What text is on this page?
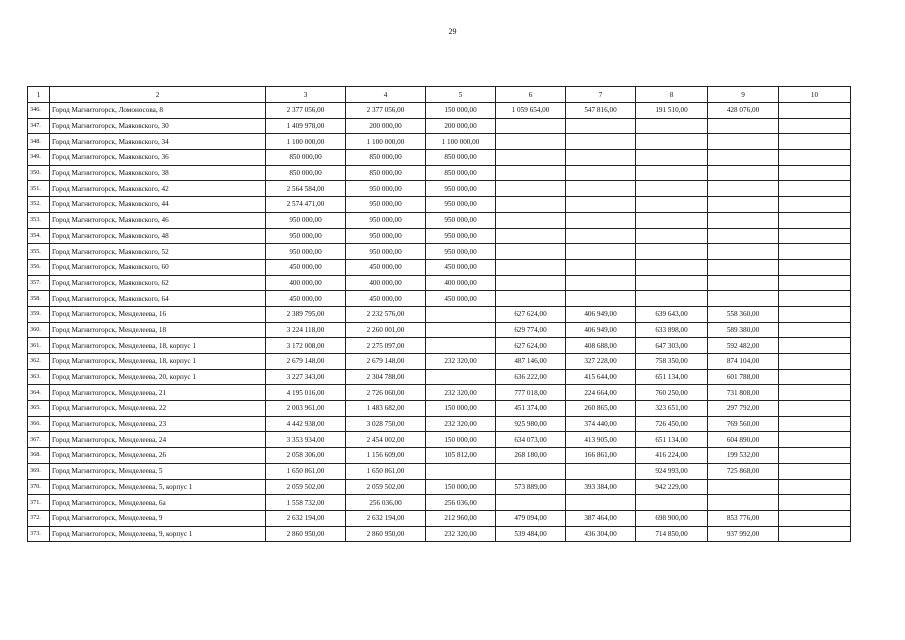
29
1	2	3	4	5	6	7	8	9	10
346.	Город Магнитогорск, Ломоносова, 8	2 377 056,00	2 377 056,00	150 000,00	1 059 654,00	547 816,00	191 510,00	428 076,00	
347.	Город Магнитогорск, Маяковского, 30	1 409 978,00	200 000,00	200 000,00					
348.	Город Магнитогорск, Маяковского, 34	1 100 000,00	1 100 000,00	1 100 000,00					
349.	Город Магнитогорск, Маяковского, 36	850 000,00	850 000,00	850 000,00					
350.	Город Магнитогорск, Маяковского, 38	850 000,00	850 000,00	850 000,00					
351.	Город Магнитогорск, Маяковского, 42	2 564 584,00	950 000,00	950 000,00					
352.	Город Магнитогорск, Маяковского, 44	2 574 471,00	950 000,00	950 000,00					
353.	Город Магнитогорск, Маяковского, 46	950 000,00	950 000,00	950 000,00					
354.	Город Магнитогорск, Маяковского, 48	950 000,00	950 000,00	950 000,00					
355.	Город Магнитогорск, Маяковского, 52	950 000,00	950 000,00	950 000,00					
356.	Город Магнитогорск, Маяковского, 60	450 000,00	450 000,00	450 000,00					
357.	Город Магнитогорск, Маяковского, 62	400 000,00	400 000,00	400 000,00					
358.	Город Магнитогорск, Маяковского, 64	450 000,00	450 000,00	450 000,00					
359.	Город Магнитогорск, Менделеева, 16	2 389 795,00	2 232 576,00		627 624,00	406 949,00	639 643,00	558 360,00	
360.	Город Магнитогорск, Менделеева, 18	3 224 118,00	2 260 001,00		629 774,00	406 949,00	633 898,00	589 380,00	
361.	Город Магнитогорск, Менделеева, 18, корпус 1	3 172 008,00	2 275 097,00		627 624,00	408 688,00	647 303,00	592 482,00	
362.	Город Магнитогорск, Менделеева, 18, корпус 1	2 679 148,00	2 679 148,00	232 320,00	487 146,00	327 228,00	758 350,00	874 104,00	
363.	Город Магнитогорск, Менделеева, 20, корпус 1	3 227 343,00	2 304 788,00		636 222,00	415 644,00	651 134,00	601 788,00	
364.	Город Магнитогорск, Менделеева, 21	4 195 016,00	2 726 060,00	232 320,00	777 018,00	224 664,00	760 250,00	731 808,00	
365.	Город Магнитогорск, Менделеева, 22	2 003 961,00	1 483 682,00	150 000,00	451 374,00	260 865,00	323 651,00	297 792,00	
366.	Город Магнитогорск, Менделеева, 23	4 442 938,00	3 028 750,00	232 320,00	925 980,00	374 440,00	726 450,00	769 560,00	
367.	Город Магнитогорск, Менделеева, 24	3 353 934,00	2 454 002,00	150 000,00	634 073,00	413 905,00	651 134,00	604 890,00	
368.	Город Магнитогорск, Менделеева, 26	2 058 306,00	1 156 609,00	105 812,00	268 180,00	166 861,00	416 224,00	199 532,00	
369.	Город Магнитогорск, Менделеева, 5	1 650 861,00	1 650 861,00				924 993,00	725 868,00	
370.	Город Магнитогорск, Менделеева, 5, корпус 1	2 059 502,00	2 059 502,00	150 000,00	573 889,00	393 384,00	942 229,00		
371.	Город Магнитогорск, Менделеева, 6а	1 558 732,00	256 036,00	256 036,00					
372.	Город Магнитогорск, Менделеева, 9	2 632 194,00	2 632 194,00	212 960,00	479 094,00	387 464,00	698 900,00	853 776,00	
373.	Город Магнитогорск, Менделеева, 9, корпус 1	2 860 950,00	2 860 950,00	232 320,00	539 484,00	436 304,00	714 850,00	937 992,00	
